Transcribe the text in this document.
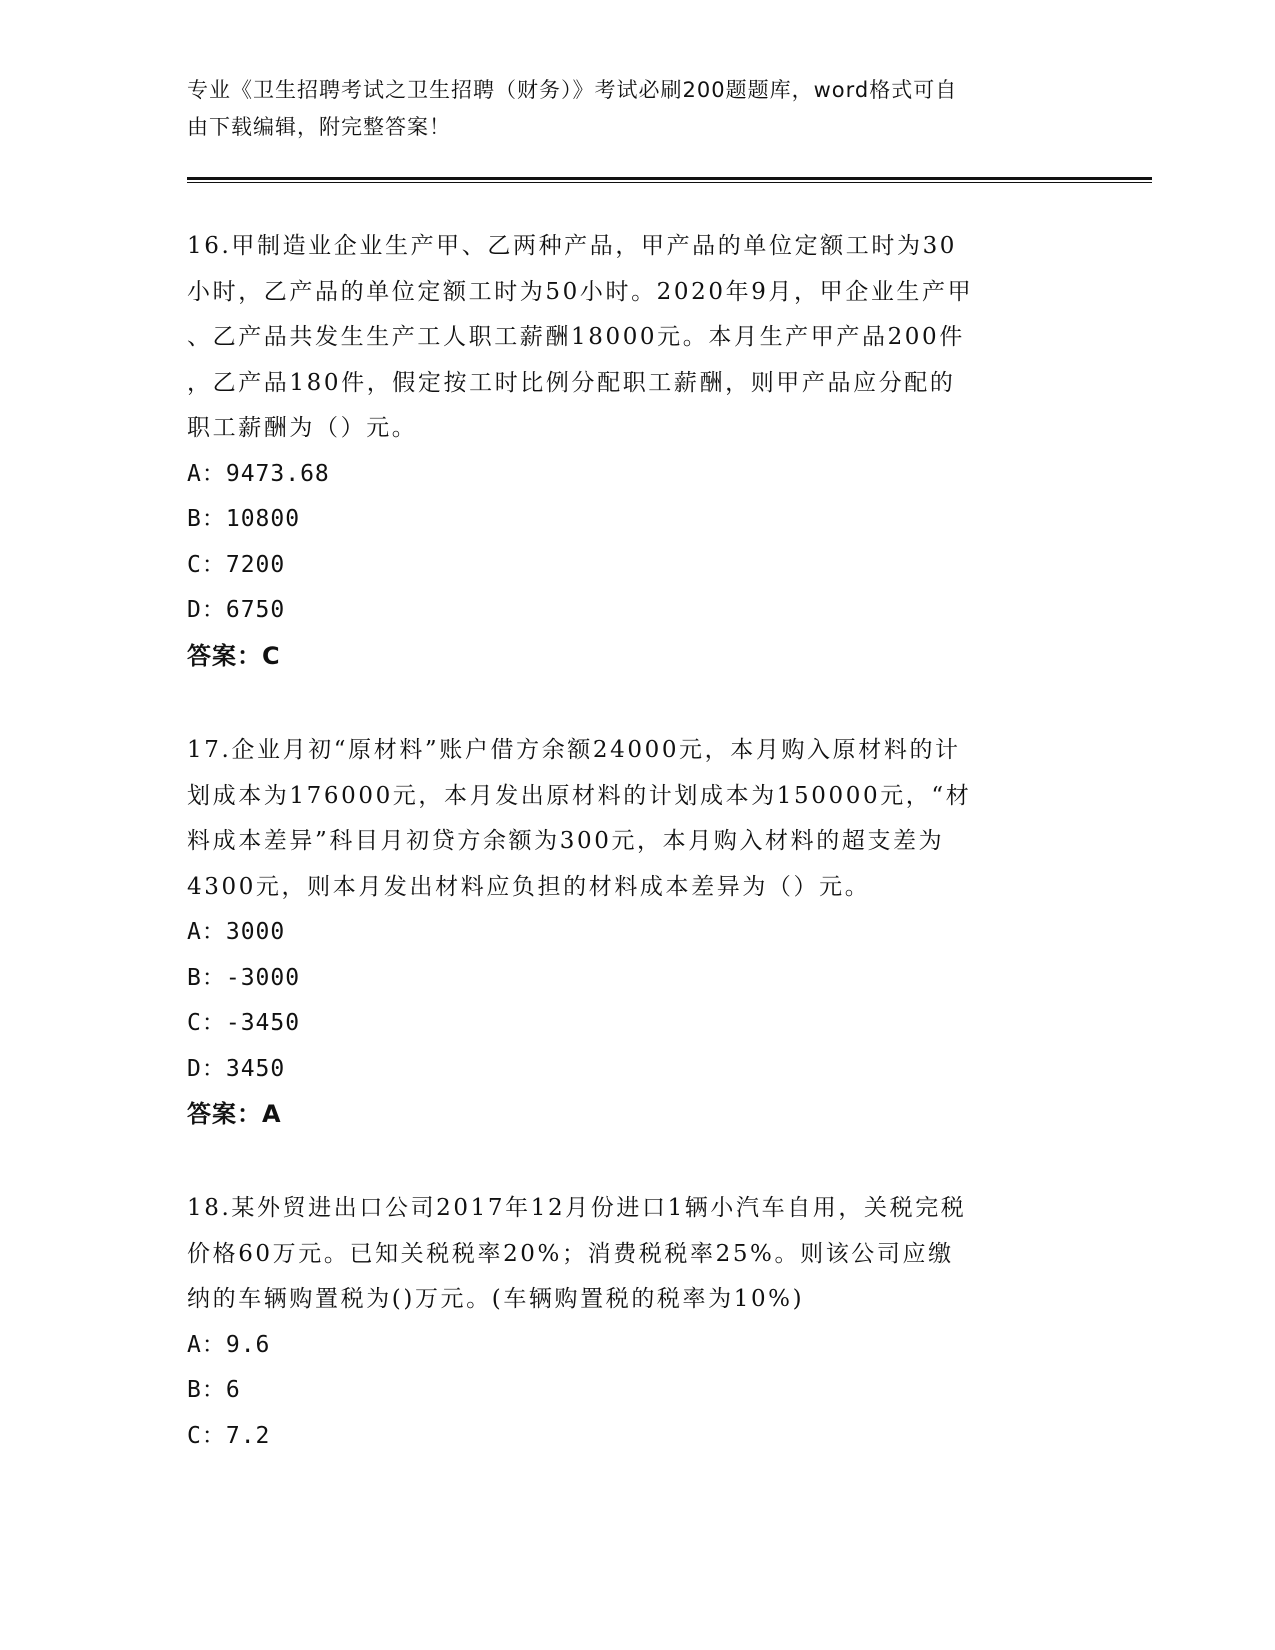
专业《卫生招聘考试之卫生招聘（财务）》考试必刷200题题库，word格式可自
由下载编辑，附完整答案！
16.甲制造业企业生产甲、乙两种产品，甲产品的单位定额工时为30
小时，乙产品的单位定额工时为50小时。2020年9月，甲企业生产甲
、乙产品共发生生产工人职工薪酬18000元。本月生产甲产品200件
，乙产品180件，假定按工时比例分配职工薪酬，则甲产品应分配的
职工薪酬为（）元。
A：9473.68
B：10800
C：7200
D：6750
答案：C
17.企业月初“原材料”账户借方余额24000元，本月购入原材料的计
划成本为176000元，本月发出原材料的计划成本为150000元，“材
料成本差异”科目月初贷方余额为300元，本月购入材料的超支差为
4300元，则本月发出材料应负担的材料成本差异为（）元。
A：3000
B：-3000
C：-3450
D：3450
答案：A
18.某外贸进出口公司2017年12月份进口1辆小汽车自用，关税完税
价格60万元。已知关税税率20%；消费税税率25%。则该公司应缴
纳的车辆购置税为()万元。(车辆购置税的税率为10%)
A：9.6
B：6
C：7.2
